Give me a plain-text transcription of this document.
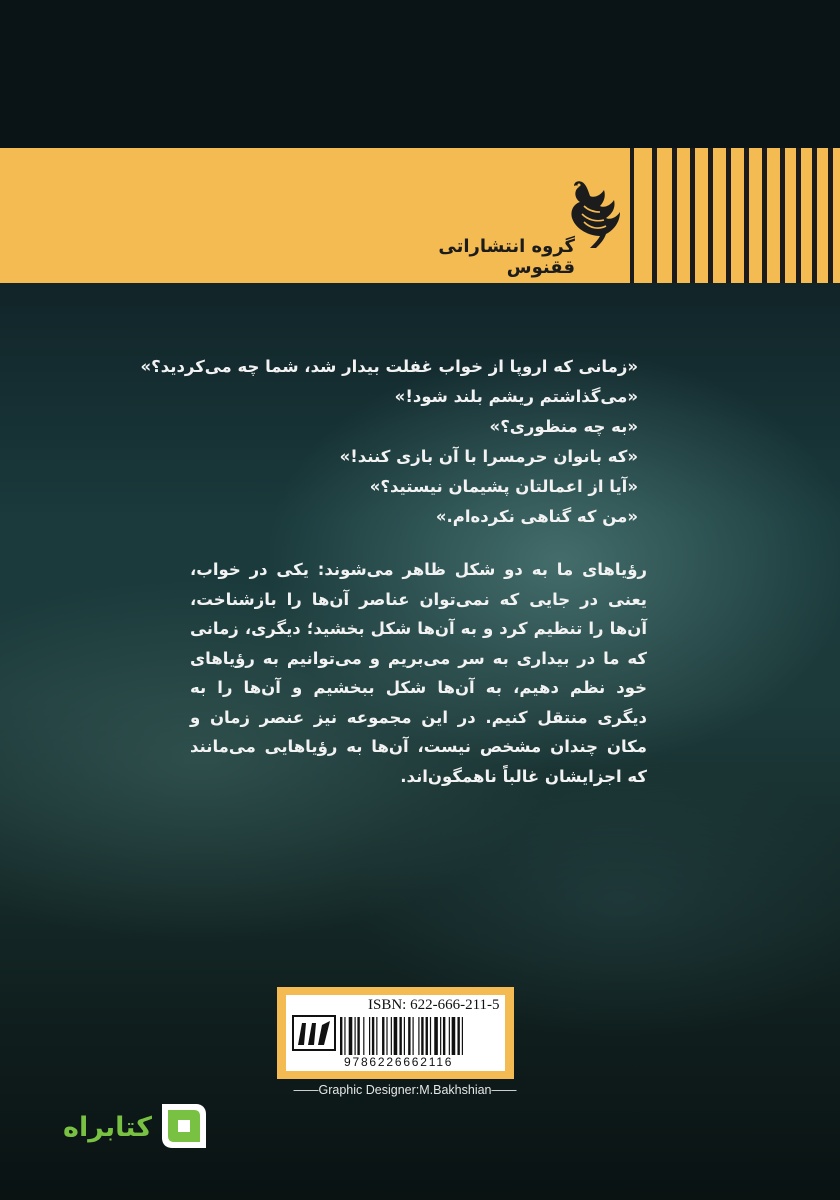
گروه انتشاراتی ققنوس
«زمانی که اروپا از خواب غفلت بیدار شد، شما چه می‌کردید؟»
«می‌گذاشتم ریشم بلند شود!»
«به چه منظوری؟»
«که بانوان حرمسرا با آن بازی کنند!»
«آیا از اعمالتان پشیمان نیستید؟»
«من که گناهی نکرده‌ام.»
رؤیاهای ما به دو شکل ظاهر می‌شوند: یکی در خواب، یعنی در جایی که نمی‌توان عناصر آن‌ها را بازشناخت، آن‌ها را تنظیم کرد و به آن‌ها شکل بخشید؛ دیگری، زمانی که ما در بیداری به سر می‌بریم و می‌توانیم به رؤیاهای خود نظم دهیم، به آن‌ها شکل ببخشیم و آن‌ها را به دیگری منتقل کنیم. در این مجموعه نیز عنصر زمان و مکان چندان مشخص نیست، آن‌ها به رؤیاهایی می‌مانند که اجزایشان غالباً ناهمگون‌اند.
ISBN: 622-666-211-5
9786226662116
——Graphic Designer:M.Bakhshian——
کتابراه
